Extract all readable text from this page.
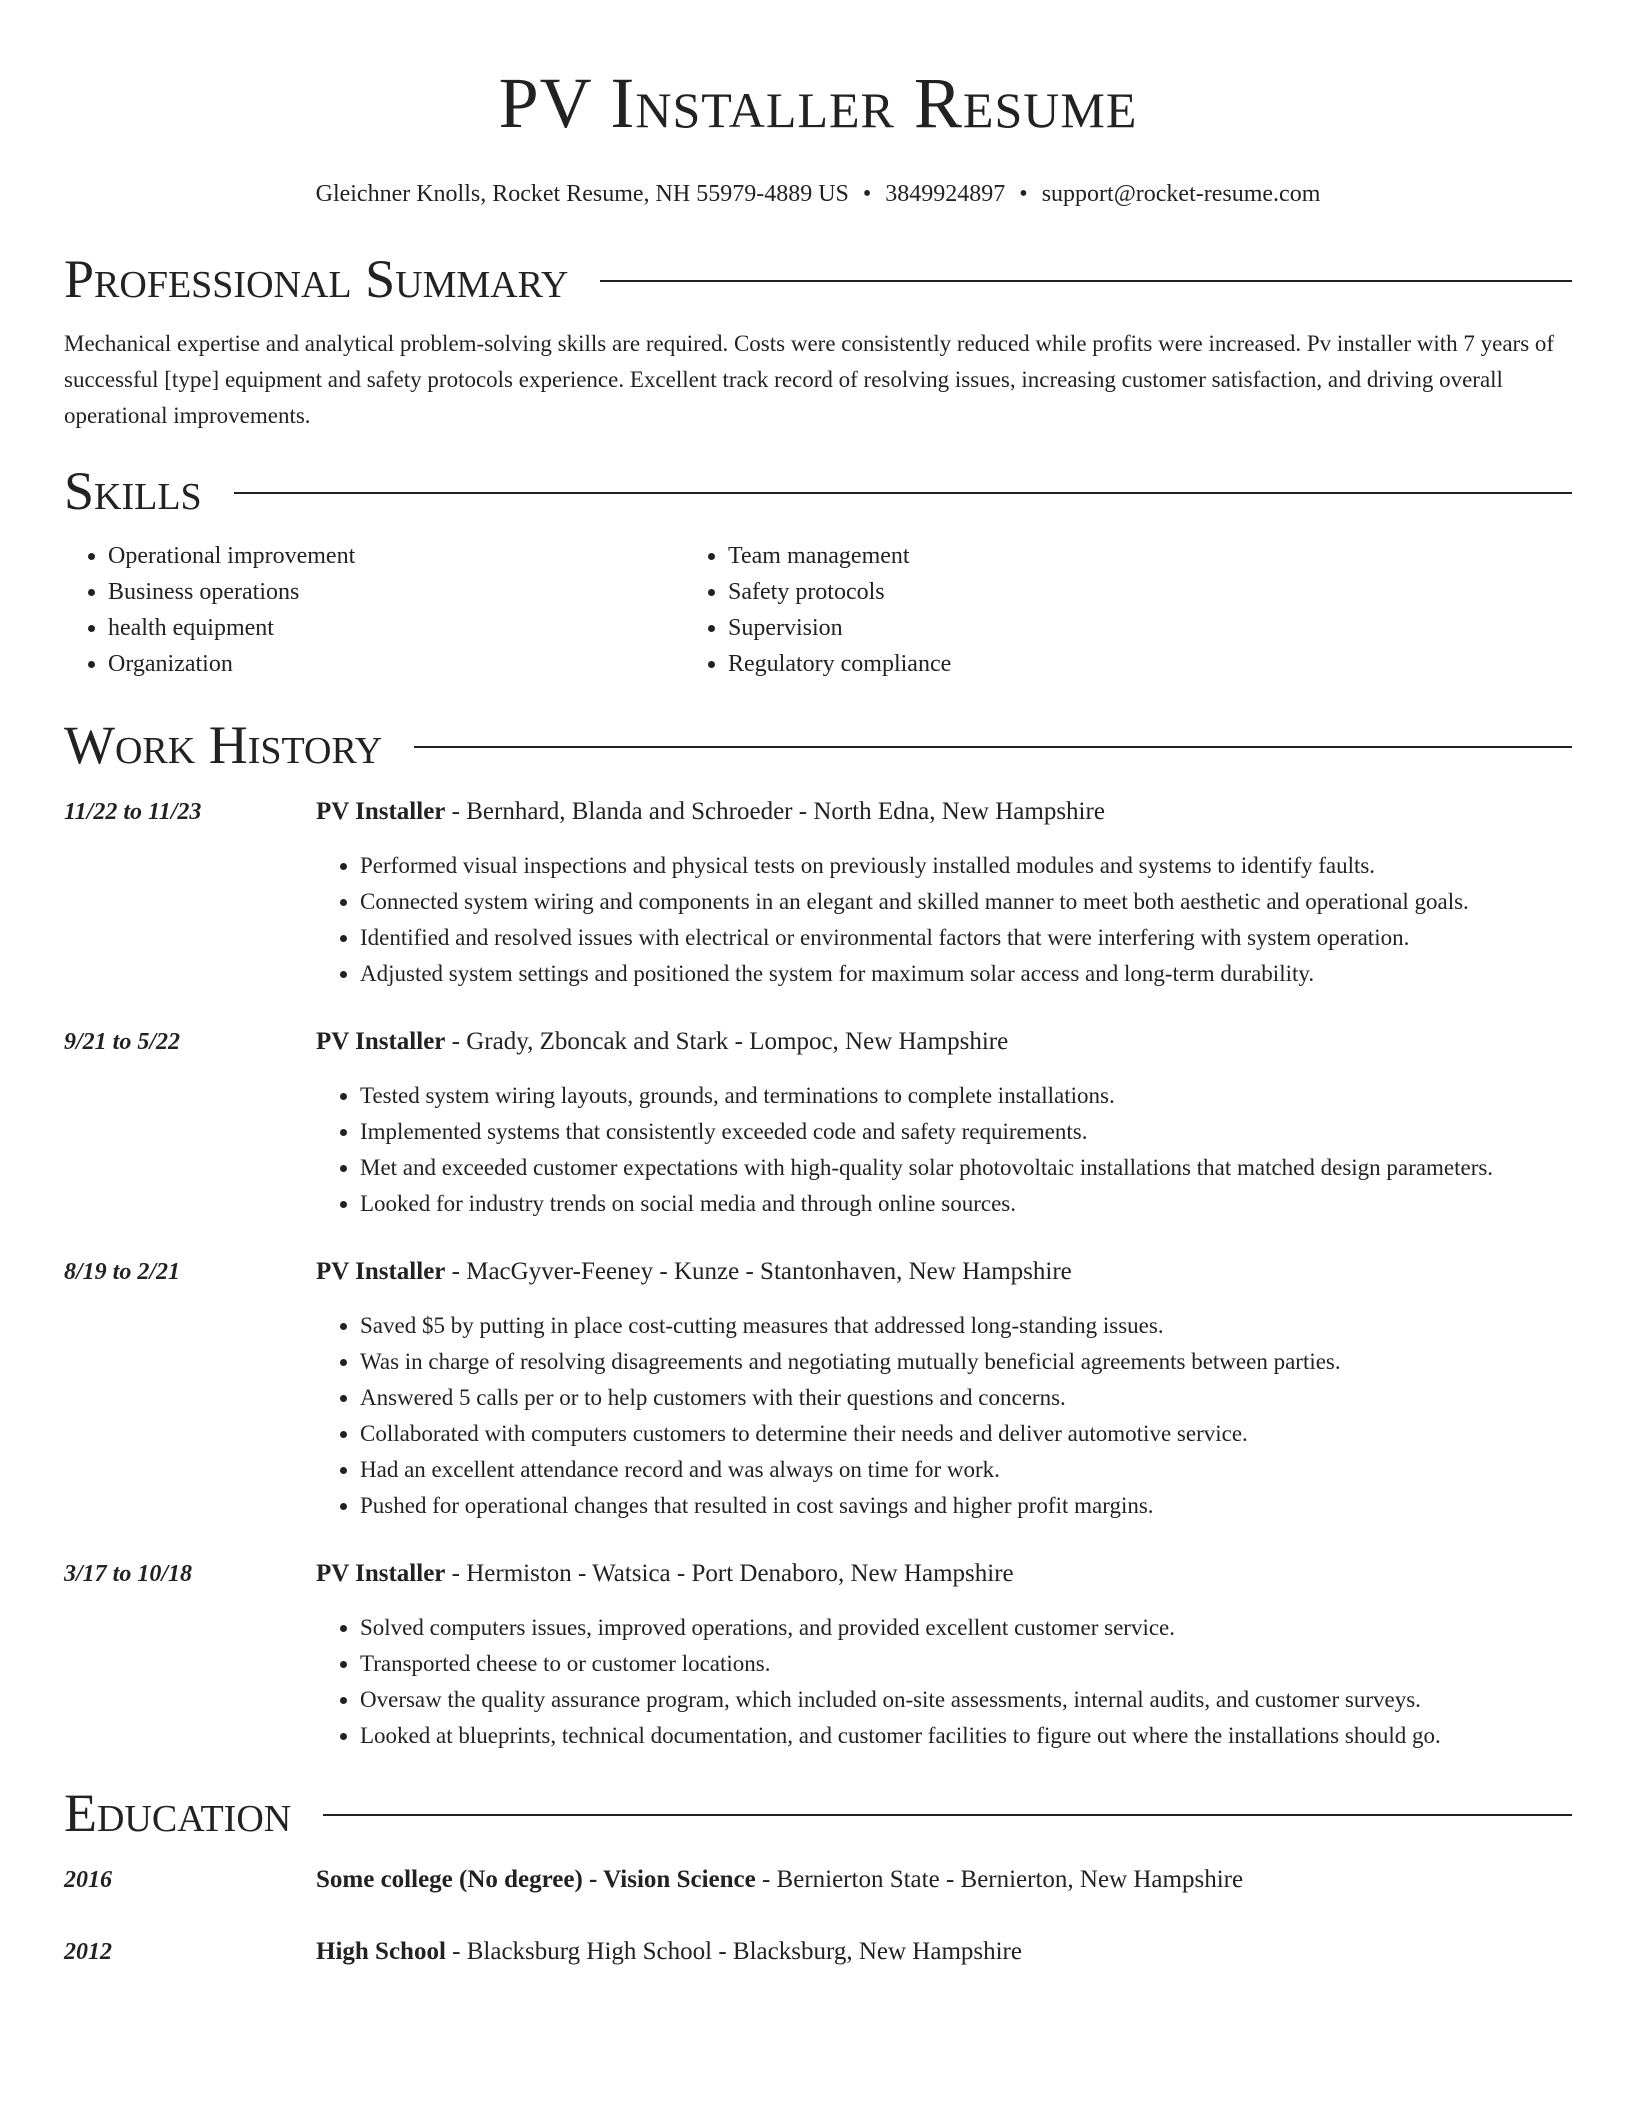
PV Installer Resume
Gleichner Knolls, Rocket Resume, NH 55979-4889 US • 3849924897 • support@rocket-resume.com
Professional Summary

Mechanical expertise and analytical problem-solving skills are required. Costs were consistently reduced while profits were increased. Pv installer with 7 years of successful [type] equipment and safety protocols experience. Excellent track record of resolving issues, increasing customer satisfaction, and driving overall operational improvements.

Skills
• Operational improvement
• Business operations
• health equipment
• Organization
• Team management
• Safety protocols
• Supervision
• Regulatory compliance
Work History
11/22 to 11/23	PV Installer - Bernhard, Blanda and Schroeder - North Edna, New Hampshire
• Performed visual inspections and physical tests on previously installed modules and systems to identify faults.
• Connected system wiring and components in an elegant and skilled manner to meet both aesthetic and operational goals.
• Identified and resolved issues with electrical or environmental factors that were interfering with system operation.
• Adjusted system settings and positioned the system for maximum solar access and long-term durability.
9/21 to 5/22	PV Installer - Grady, Zboncak and Stark - Lompoc, New Hampshire
• Tested system wiring layouts, grounds, and terminations to complete installations.
• Implemented systems that consistently exceeded code and safety requirements.
• Met and exceeded customer expectations with high-quality solar photovoltaic installations that matched design parameters.
• Looked for industry trends on social media and through online sources.
8/19 to 2/21	PV Installer - MacGyver-Feeney - Kunze - Stantonhaven, New Hampshire
• Saved $5 by putting in place cost-cutting measures that addressed long-standing issues.
• Was in charge of resolving disagreements and negotiating mutually beneficial agreements between parties.
• Answered 5 calls per or to help customers with their questions and concerns.
• Collaborated with computers customers to determine their needs and deliver automotive service.
• Had an excellent attendance record and was always on time for work.
• Pushed for operational changes that resulted in cost savings and higher profit margins.
3/17 to 10/18	PV Installer - Hermiston - Watsica - Port Denaboro, New Hampshire
• Solved computers issues, improved operations, and provided excellent customer service.
• Transported cheese to or customer locations.
• Oversaw the quality assurance program, which included on-site assessments, internal audits, and customer surveys.
• Looked at blueprints, technical documentation, and customer facilities to figure out where the installations should go.
Education
2016	Some college (No degree) - Vision Science - Bernierton State - Bernierton, New Hampshire
2012	High School - Blacksburg High School - Blacksburg, New Hampshire
